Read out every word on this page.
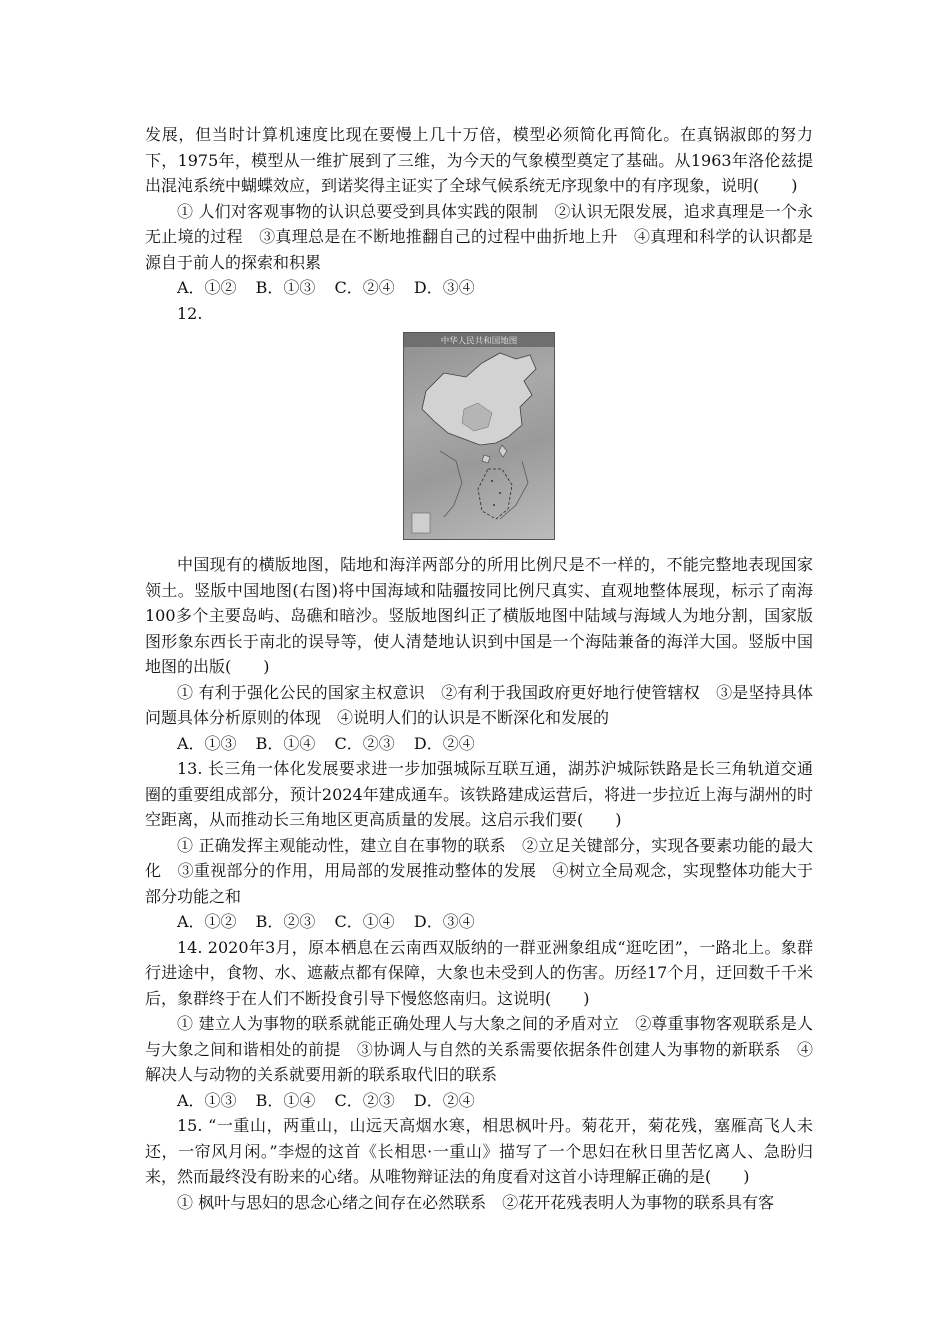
发展，但当时计算机速度比现在要慢上几十万倍，模型必须简化再简化。在真锅淑郎的努力下，1975年，模型从一维扩展到了三维，为今天的气象模型奠定了基础。从1963年洛伦兹提出混沌系统中蝴蝶效应，到诺奖得主证实了全球气候系统无序现象中的有序现象，说明(　　)

① 人们对客观事物的认识总要受到具体实践的限制　②认识无限发展，追求真理是一个永无止境的过程　③真理总是在不断地推翻自己的过程中曲折地上升　④真理和科学的认识都是源自于前人的探索和积累

A．①② B．①③ C．②④ D．③④

12.

中华人民共和国地图

中国现有的横版地图，陆地和海洋两部分的所用比例尺是不一样的，不能完整地表现国家领土。竖版中国地图(右图)将中国海域和陆疆按同比例尺真实、直观地整体展现，标示了南海100多个主要岛屿、岛礁和暗沙。竖版地图纠正了横版地图中陆域与海域人为地分割，国家版图形象东西长于南北的误导等，使人清楚地认识到中国是一个海陆兼备的海洋大国。竖版中国地图的出版(　　)

① 有利于强化公民的国家主权意识　②有利于我国政府更好地行使管辖权　③是坚持具体问题具体分析原则的体现　④说明人们的认识是不断深化和发展的

A．①③ B．①④ C．②③ D．②④

13. 长三角一体化发展要求进一步加强城际互联互通，湖苏沪城际铁路是长三角轨道交通圈的重要组成部分，预计2024年建成通车。该铁路建成运营后，将进一步拉近上海与湖州的时空距离，从而推动长三角地区更高质量的发展。这启示我们要(　　)

① 正确发挥主观能动性，建立自在事物的联系　②立足关键部分，实现各要素功能的最大化　③重视部分的作用，用局部的发展推动整体的发展　④树立全局观念，实现整体功能大于部分功能之和

A．①② B．②③ C．①④ D．③④

14. 2020年3月，原本栖息在云南西双版纳的一群亚洲象组成“逛吃团”，一路北上。象群行进途中，食物、水、遮蔽点都有保障，大象也未受到人的伤害。历经17个月，迂回数千千米后，象群终于在人们不断投食引导下慢悠悠南归。这说明(　　)

① 建立人为事物的联系就能正确处理人与大象之间的矛盾对立　②尊重事物客观联系是人与大象之间和谐相处的前提　③协调人与自然的关系需要依据条件创建人为事物的新联系　④解决人与动物的关系就要用新的联系取代旧的联系

A．①③ B．①④ C．②③ D．②④

15. “一重山，两重山，山远天高烟水寒，相思枫叶丹。菊花开，菊花残，塞雁高飞人未还，一帘风月闲。”李煜的这首《长相思·一重山》描写了一个思妇在秋日里苦忆离人、急盼归来，然而最终没有盼来的心绪。从唯物辩证法的角度看对这首小诗理解正确的是(　　)

① 枫叶与思妇的思念心绪之间存在必然联系　②花开花残表明人为事物的联系具有客
